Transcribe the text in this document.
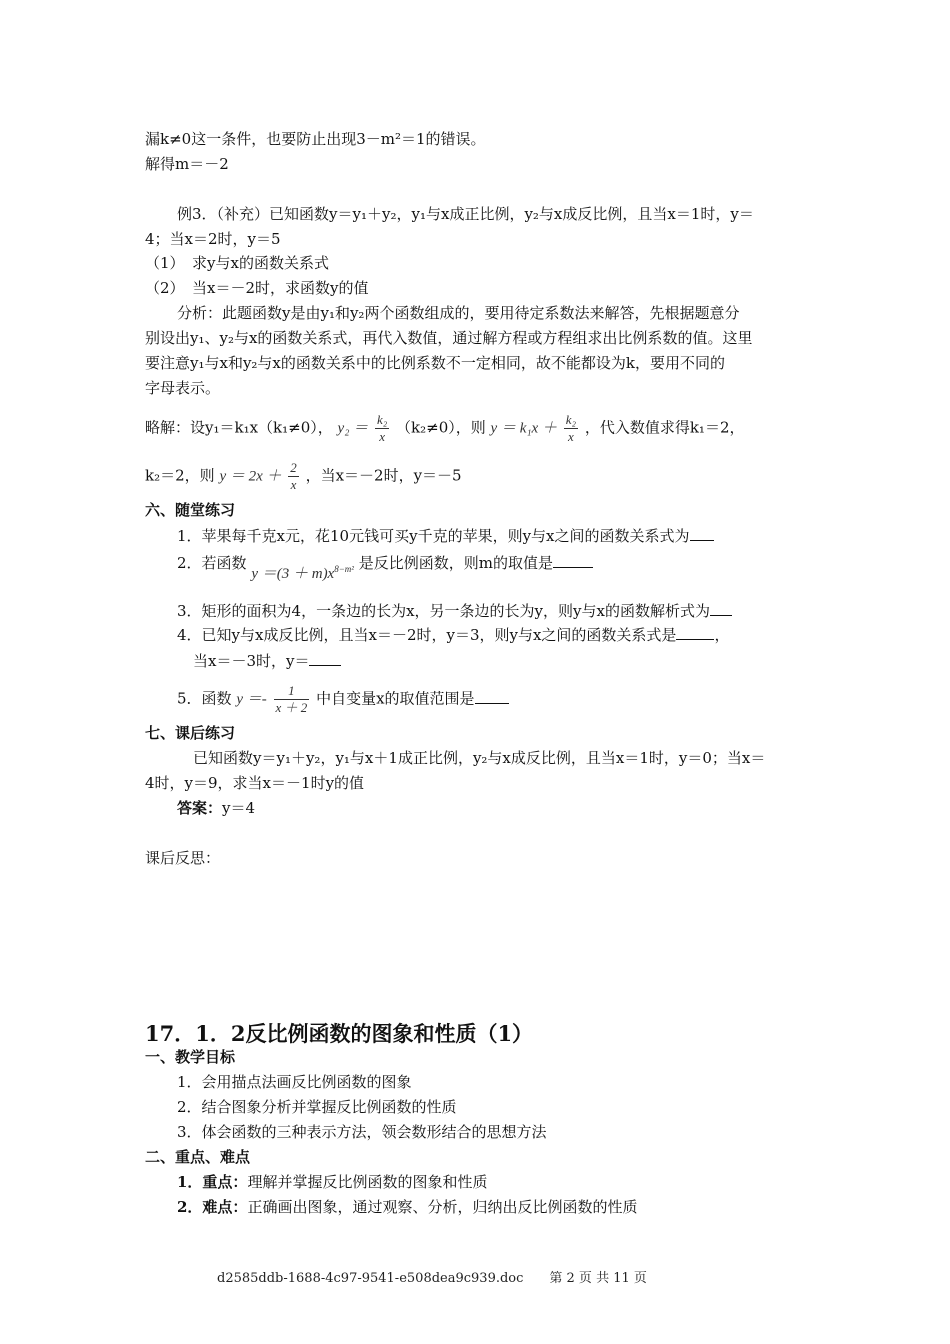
漏k≠0这一条件，也要防止出现3－m²＝1的错误。
解得m＝－2
例3．（补充）已知函数y＝y₁＋y₂，y₁与x成正比例，y₂与x成反比例，且当x＝1时，y＝
4；当x＝2时，y＝5
（1）　求y与x的函数关系式
（2）　当x＝－2时，求函数y的值
分析：此题函数y是由y₁和y₂两个函数组成的，要用待定系数法来解答，先根据题意分
别设出y₁、y₂与x的函数关系式，再代入数值，通过解方程或方程组求出比例系数的值。这里
要注意y₁与x和y₂与x的函数关系中的比例系数不一定相同，故不能都设为k，要用不同的
字母表示。
略解：设y₁＝k₁x（k₁≠0）， $y_2 = \frac{\text{k₂}}{x} (k_2\ne 0)$，则 $y = k_1x + \frac{\text{k₂}}{x}$ ，代入数值求得k₁＝2，
k₂＝2，则 $y = 2x + \frac{2}{x}$ ，当x＝－2时，y＝－5
六、随堂练习
1．苹果每千克x元，花10元钱可买y千克的苹果，则y与x之间的函数关系式为
2．若函数 $y =(3 + m)x^{8-m^2}$ 是反比例函数，则m的取值是
3．矩形的面积为4，一条边的长为x，另一条边的长为y，则y与x的函数解析式为
4．已知y与x成反比例，且当x＝－2时，y＝3，则y与x之间的函数关系式是	，
当x＝－3时，y＝
5．函数 $y =- \frac{1}{x + 2}$ 中自变量x的取值范围是
七、课后练习
已知函数y＝y₁＋y₂，y₁与x＋1成正比例，y₂与x成反比例，且当x＝1时，y＝0；当x＝
4时，y＝9，求当x＝－1时y的值
答案：y＝4
课后反思：
17．1．2反比例函数的图象和性质（1）
一、教学目标
1．会用描点法画反比例函数的图象
2．结合图象分析并掌握反比例函数的性质
3．体会函数的三种表示方法，领会数形结合的思想方法
二、重点、难点
1．重点：理解并掌握反比例函数的图象和性质
2．难点：正确画出图象，通过观察、分析，归纳出反比例函数的性质
d2585ddb-1688-4c97-9541-e508dea9c939.doc　　第 2 页 共 11 页
